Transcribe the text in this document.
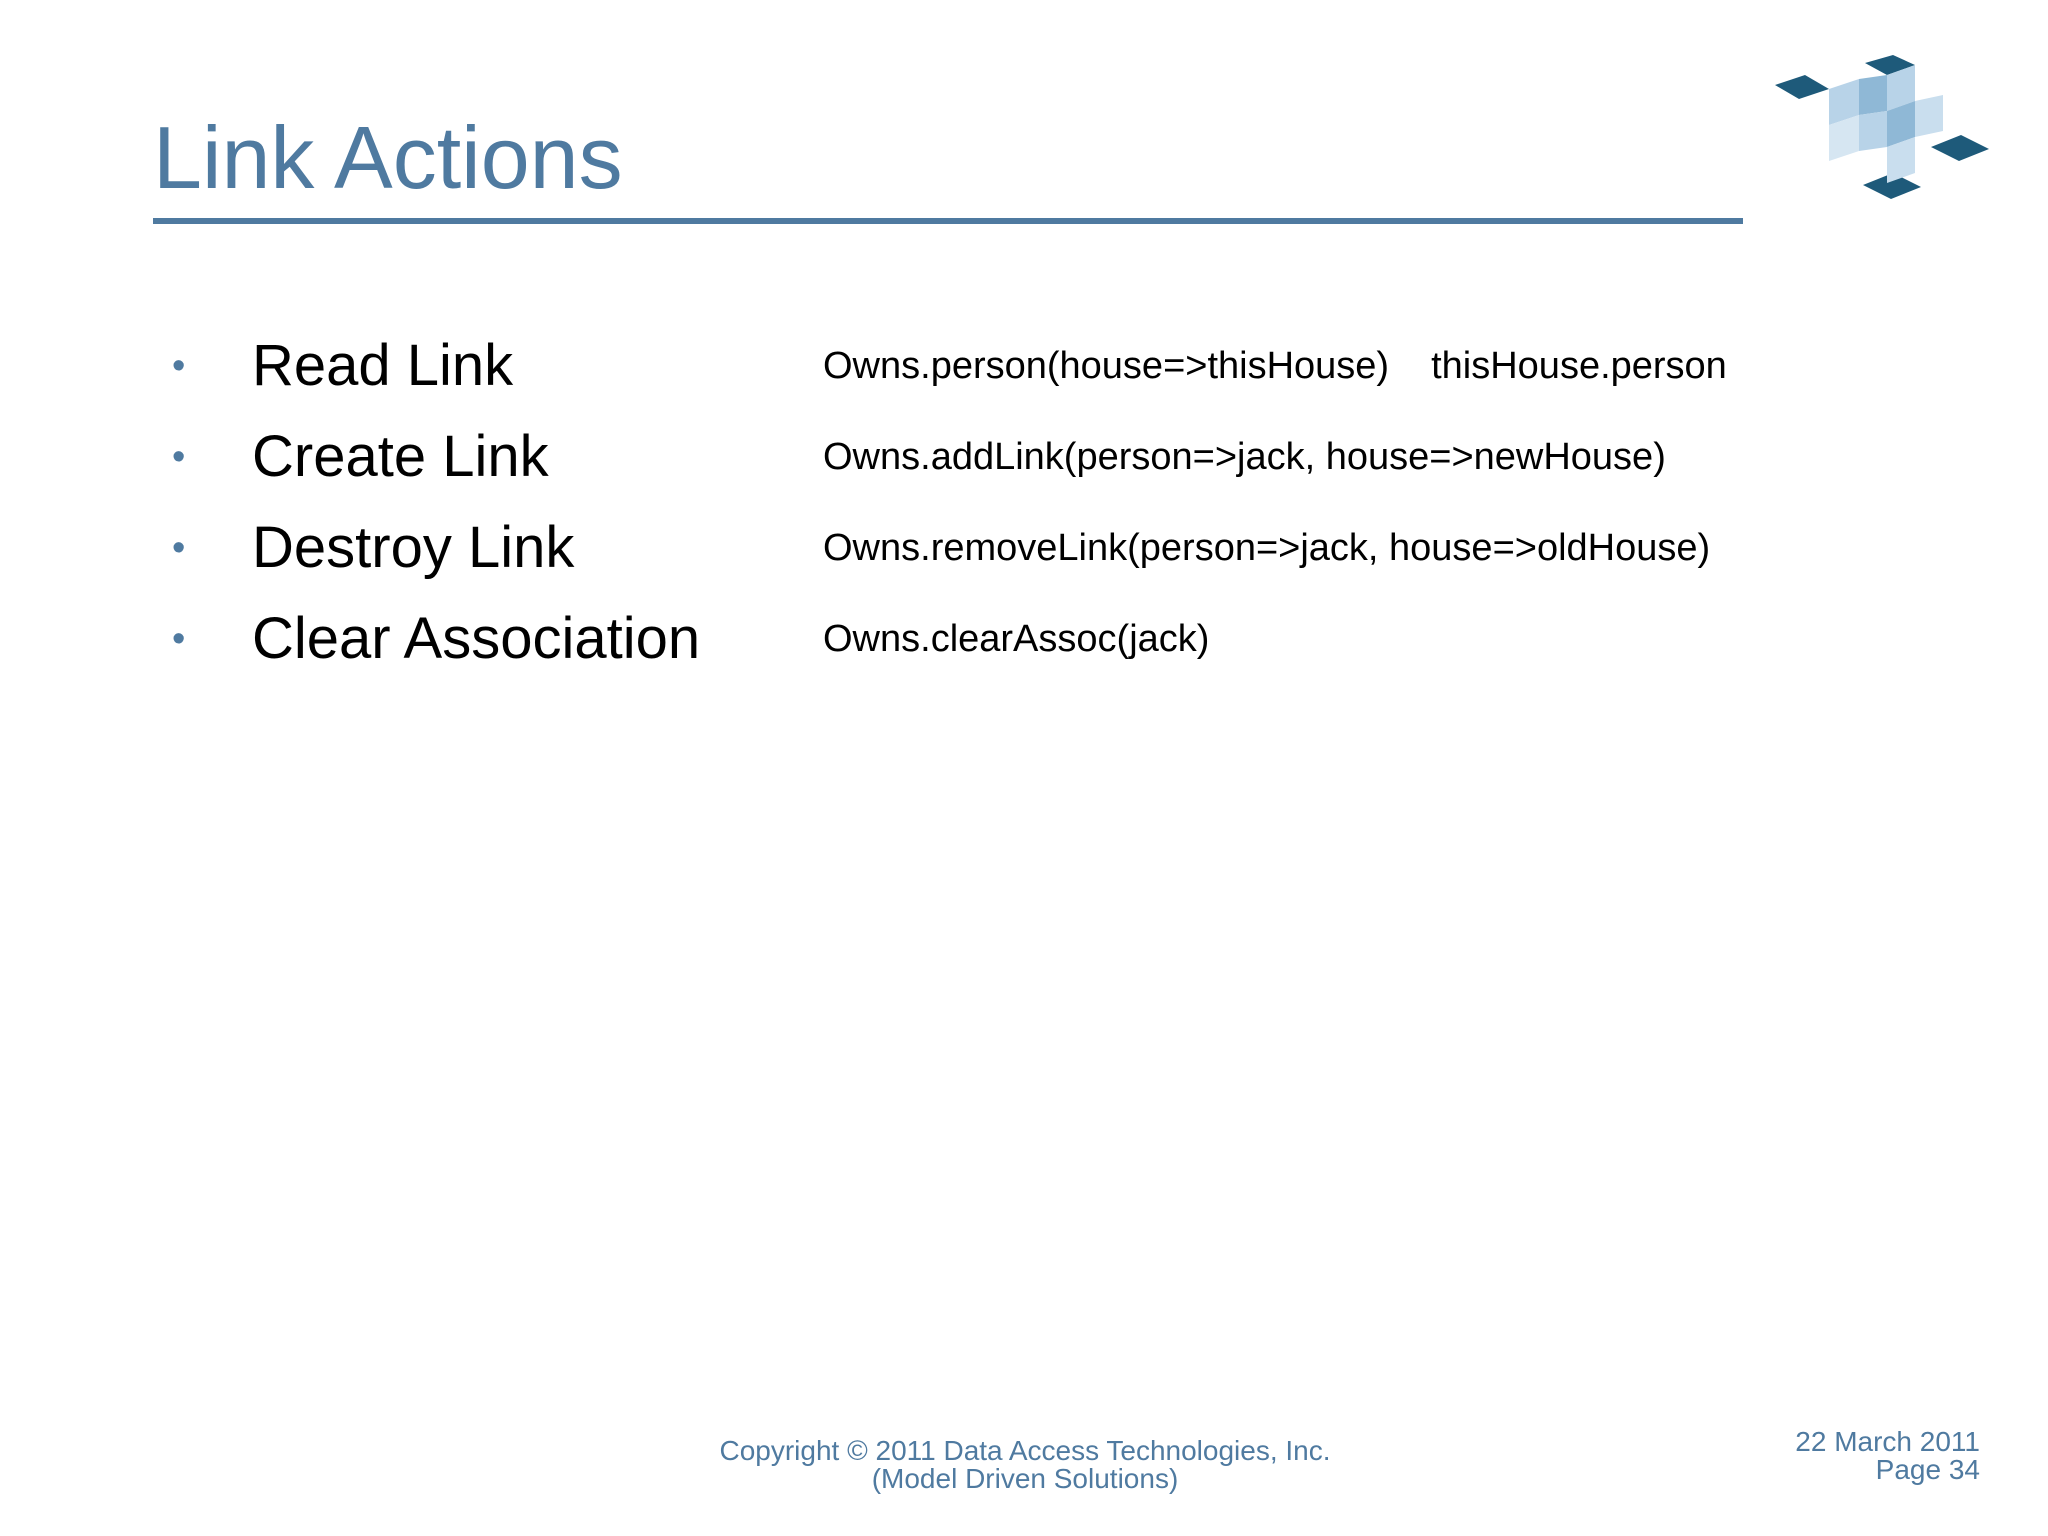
Link Actions
• Read Link	Owns.person(house=>thisHouse) thisHouse.person
• Create Link	Owns.addLink(person=>jack, house=>newHouse)
• Destroy Link	Owns.removeLink(person=>jack, house=>oldHouse)
• Clear Association	Owns.clearAssoc(jack)
Copyright © 2011 Data Access Technologies, Inc.
(Model Driven Solutions)
22 March 2011
Page 34
